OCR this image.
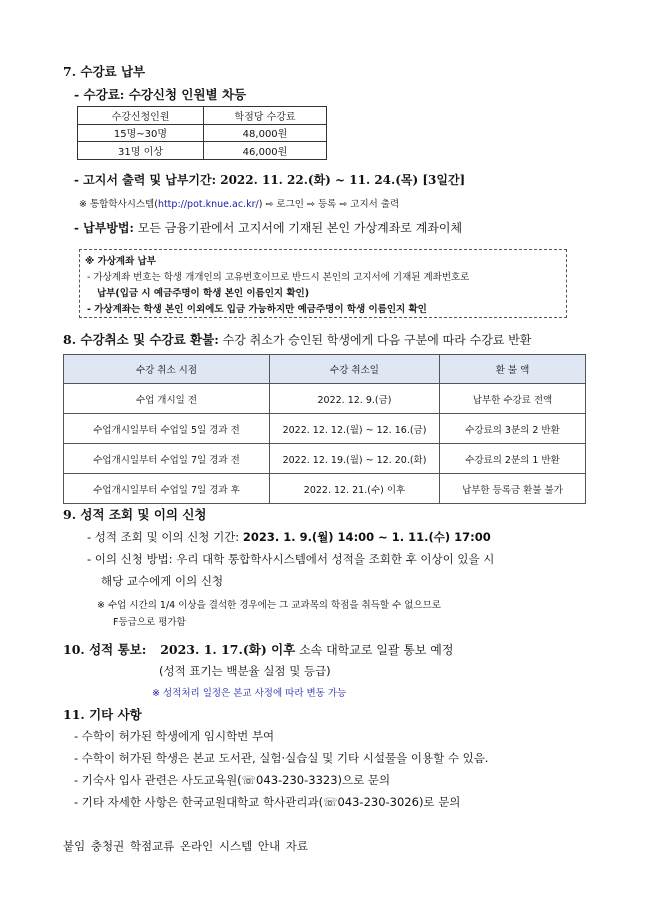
7. 수강료 납부
- 수강료: 수강신청 인원별 차등
수강신청인원	학점당 수강료
15명~30명	48,000원
31명 이상	46,000원
- 고지서 출력 및 납부기간: 2022. 11. 22.(화) ~ 11. 24.(목) [3일간]
※ 통합학사시스템(http://pot.knue.ac.kr/) ⇨ 로그인 ⇨ 등록 ⇨ 고지서 출력
- 납부방법: 모든 금융기관에서 고지서에 기재된 본인 가상계좌로 계좌이체
※ 가상계좌 납부
- 가상계좌 번호는 학생 개개인의 고유번호이므로 반드시 본인의 고지서에 기재된 계좌번호로
납부(입금 시 예금주명이 학생 본인 이름인지 확인)
- 가상계좌는 학생 본인 이외에도 입금 가능하지만 예금주명이 학생 이름인지 확인
8. 수강취소 및 수강료 환불: 수강 취소가 승인된 학생에게 다음 구분에 따라 수강료 반환
수강 취소 시점	수강 취소일	환 불 액
수업 개시일 전	2022. 12. 9.(금)	납부한 수강료 전액
수업개시일부터 수업일 5일 경과 전	2022. 12. 12.(월) ~ 12. 16.(금)	수강료의 3분의 2 반환
수업개시일부터 수업일 7일 경과 전	2022. 12. 19.(월) ~ 12. 20.(화)	수강료의 2분의 1 반환
수업개시일부터 수업일 7일 경과 후	2022. 12. 21.(수) 이후	납부한 등록금 환불 불가
9. 성적 조회 및 이의 신청
- 성적 조회 및 이의 신청 기간: 2023. 1. 9.(월) 14:00 ~ 1. 11.(수) 17:00
- 이의 신청 방법: 우리 대학 통합학사시스템에서 성적을 조회한 후 이상이 있을 시
해당 교수에게 이의 신청
※ 수업 시간의 1/4 이상을 결석한 경우에는 그 교과목의 학점을 취득할 수 없으므로
F등급으로 평가함
10. 성적 통보: 2023. 1. 17.(화) 이후 소속 대학교로 일괄 통보 예정
(성적 표기는 백분율 실점 및 등급)
※ 성적처리 일정은 본교 사정에 따라 변동 가능
11. 기타 사항
- 수학이 허가된 학생에게 임시학번 부여
- 수학이 허가된 학생은 본교 도서관, 실험·실습실 및 기타 시설물을 이용할 수 있음.
- 기숙사 입사 관련은 사도교육원(☏043-230-3323)으로 문의
- 기타 자세한 사항은 한국교원대학교 학사관리과(☏043-230-3026)로 문의
붙임 충청권 학점교류 온라인 시스템 안내 자료
